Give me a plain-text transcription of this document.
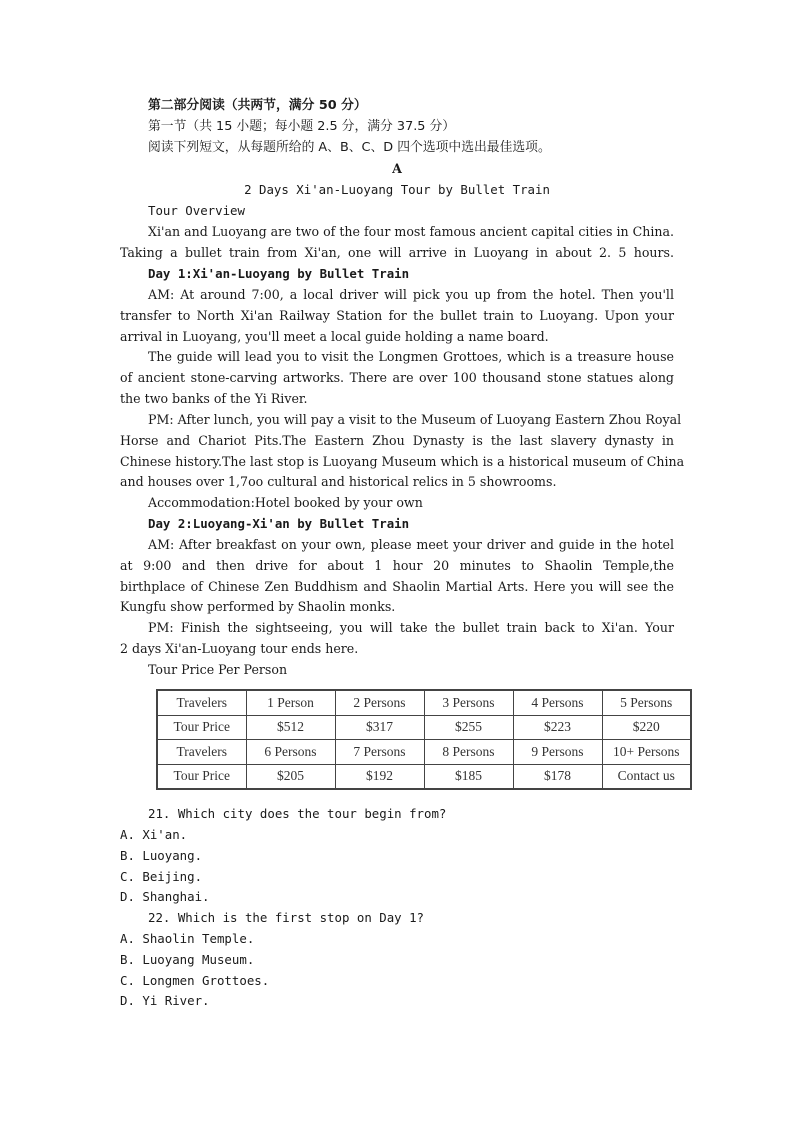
第二部分阅读（共两节，满分 50 分）
第一节（共 15 小题；每小题 2.5 分，满分 37.5 分）
阅读下列短文，从每题所给的 A、B、C、D 四个选项中选出最佳选项。
A
2 Days Xi'an-Luoyang Tour by Bullet Train
Tour Overview
Xi'an and Luoyang are two of the four most famous ancient capital cities in China.
Taking a bullet train from Xi'an, one will arrive in Luoyang in about 2. 5 hours.
Day 1:Xi'an-Luoyang by Bullet Train
AM: At around 7:00, a local driver will pick you up from the hotel. Then you'll
transfer to North Xi'an Railway Station for the bullet train to Luoyang. Upon your
arrival in Luoyang, you'll meet a local guide holding a name board.
The guide will lead you to visit the Longmen Grottoes, which is a treasure house
of ancient stone-carving artworks. There are over 100 thousand stone statues along
the two banks of the Yi River.
PM: After lunch, you will pay a visit to the Museum of Luoyang Eastern Zhou Royal
Horse and Chariot Pits.The Eastern Zhou Dynasty is the last slavery dynasty in
Chinese history.The last stop is Luoyang Museum which is a historical museum of China
and houses over 1,7oo cultural and historical relics in 5 showrooms.
Accommodation:Hotel booked by your own
Day 2:Luoyang-Xi'an by Bullet Train
AM: After breakfast on your own, please meet your driver and guide in the hotel
at 9:00 and then drive for about 1 hour 20 minutes to Shaolin Temple,the
birthplace of Chinese Zen Buddhism and Shaolin Martial Arts. Here you will see the
Kungfu show performed by Shaolin monks.
PM: Finish the sightseeing, you will take the bullet train back to Xi'an. Your
2 days Xi'an-Luoyang tour ends here.
Tour Price Per Person
Travelers	1 Person	2 Persons	3 Persons	4 Persons	5 Persons
Tour Price	$512	$317	$255	$223	$220
Travelers	6 Persons	7 Persons	8 Persons	9 Persons	10+ Persons
Tour Price	$205	$192	$185	$178	Contact us
21. Which city does the tour begin from?
A. Xi'an.
B. Luoyang.
C. Beijing.
D. Shanghai.
22. Which is the first stop on Day 1?
A. Shaolin Temple.
B. Luoyang Museum.
C. Longmen Grottoes.
D. Yi River.
